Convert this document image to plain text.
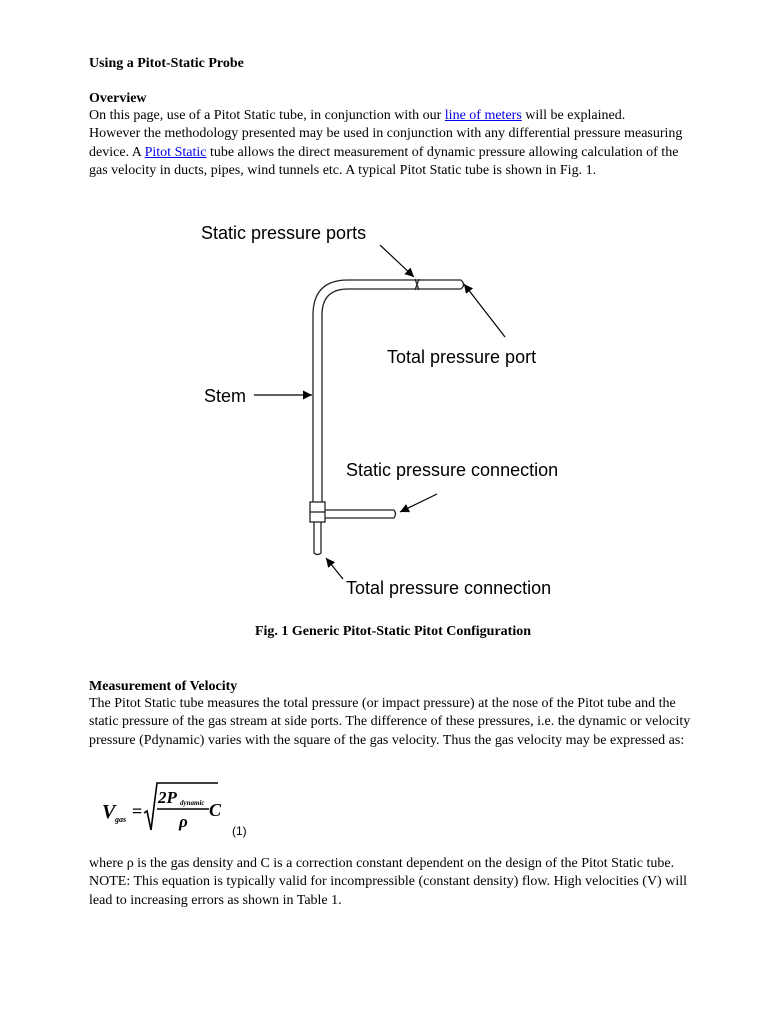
Using a Pitot-Static Probe
Overview

On this page, use of a Pitot Static tube, in conjunction with our line of meters will be explained.
However the methodology presented may be used in conjunction with any differential pressure measuring device. A Pitot Static tube allows the direct measurement of dynamic pressure allowing calculation of the gas velocity in ducts, pipes, wind tunnels etc. A typical Pitot Static tube is shown in Fig. 1.

Fig. 1 Generic Pitot-Static Pitot Configuration
Measurement of Velocity

The Pitot Static tube measures the total pressure (or impact pressure) at the nose of the Pitot tube and the static pressure of the gas stream at side ports. The difference of these pressures, i.e. the dynamic or velocity pressure (Pdynamic) varies with the square of the gas velocity. Thus the gas velocity may be expressed as:

V gas =
2P dynamic
ρ
C
(1)

where ρ is the gas density and C is a correction constant dependent on the design of the Pitot Static tube. NOTE: This equation is typically valid for incompressible (constant density) flow. High velocities (V) will lead to increasing errors as shown in Table 1.

Static pressure ports
Total pressure port
Stem
Static pressure connection
Total pressure connection
